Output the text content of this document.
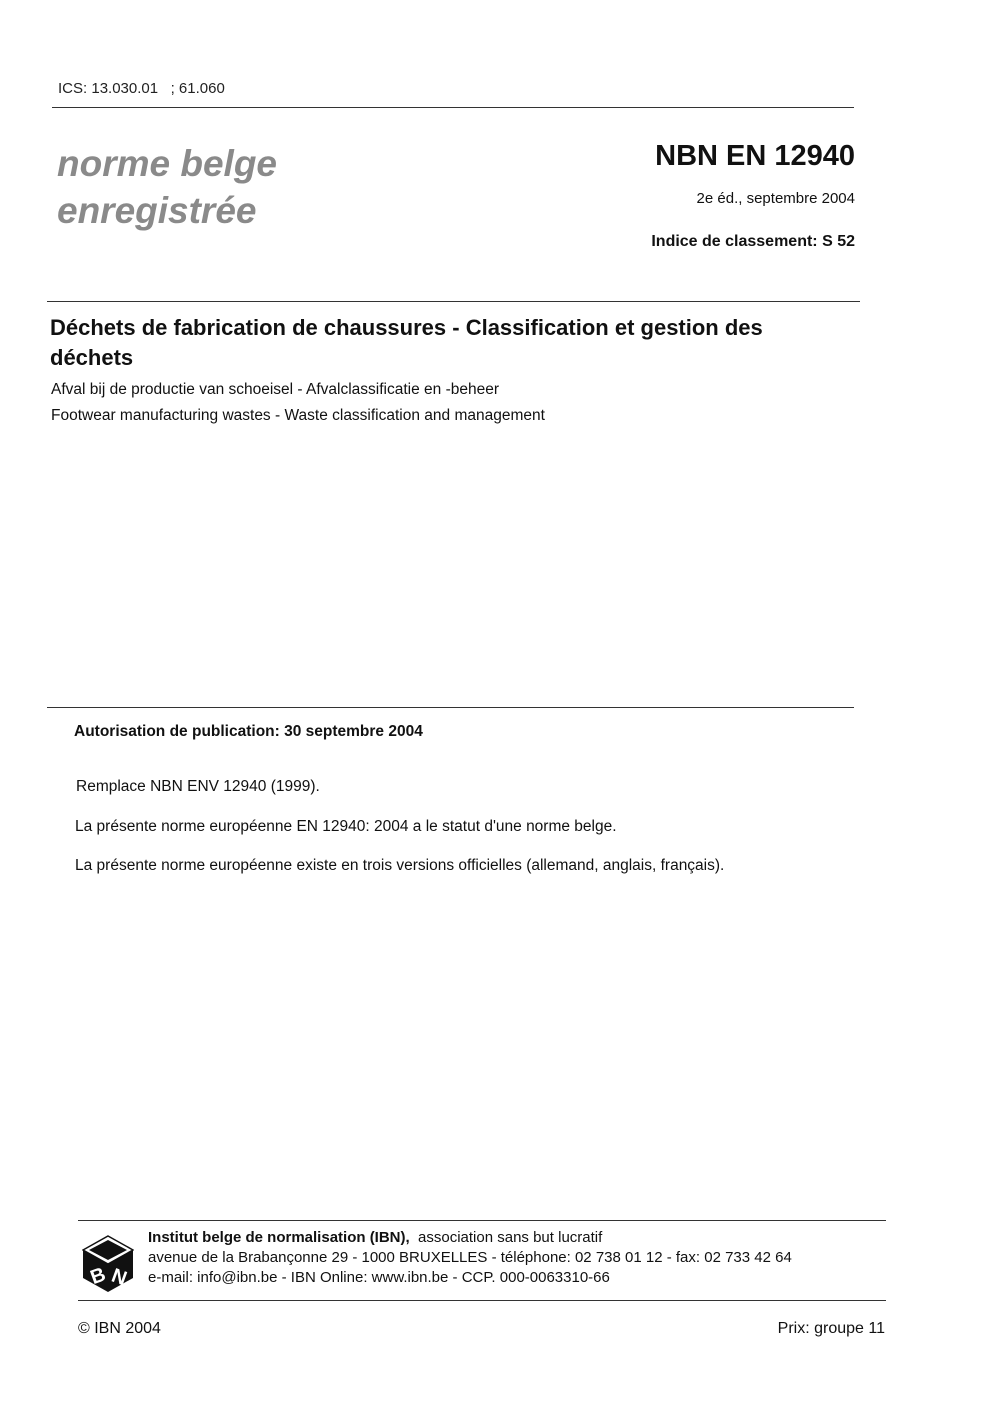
ICS: 13.030.01   ; 61.060
norme belge
enregistrée
NBN EN 12940
2e éd., septembre 2004
Indice de classement: S 52
Déchets de fabrication de chaussures - Classification et gestion des déchets
Afval bij de productie van schoeisel - Afvalclassificatie en -beheer
Footwear manufacturing wastes - Waste classification and management
Autorisation de publication: 30 septembre 2004
Remplace NBN ENV 12940 (1999).
La présente norme européenne EN 12940: 2004 a le statut d'une norme belge.
La présente norme européenne existe en trois versions officielles (allemand, anglais, français).
B N
Institut belge de normalisation (IBN), association sans but lucratif
avenue de la Brabançonne 29 - 1000 BRUXELLES - téléphone: 02 738 01 12 - fax: 02 733 42 64
e-mail: info@ibn.be - IBN Online: www.ibn.be - CCP. 000-0063310-66
© IBN 2004	Prix: groupe 11
